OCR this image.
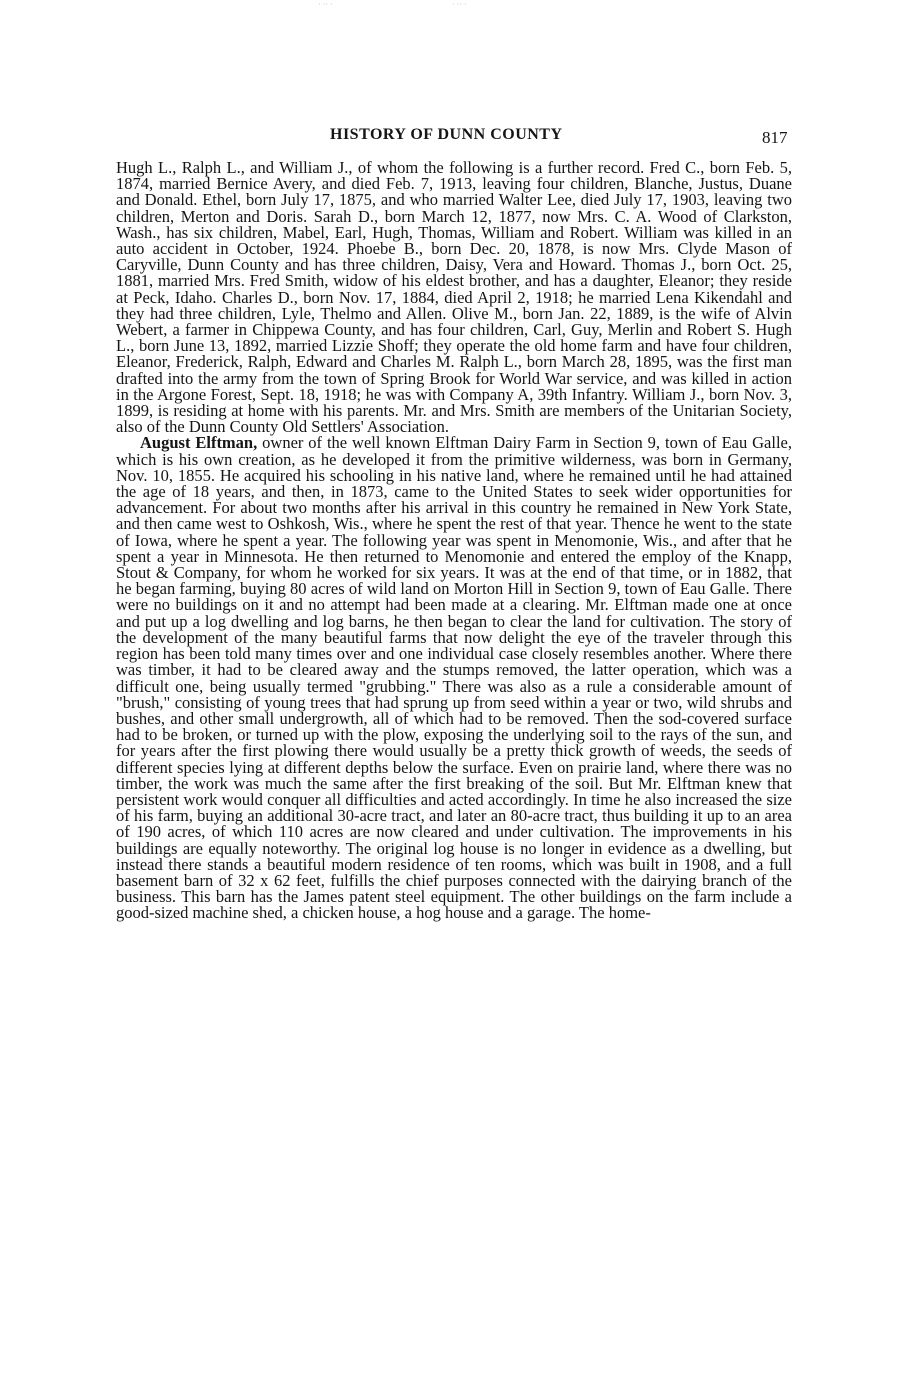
· ·· ·	· ·· ·
HISTORY OF DUNN COUNTY	817

Hugh L., Ralph L., and William J., of whom the following is a further record. Fred C., born Feb. 5, 1874, married Bernice Avery, and died Feb. 7, 1913, leaving four children, Blanche, Justus, Duane and Donald. Ethel, born July 17, 1875, and who married Walter Lee, died July 17, 1903, leaving two children, Merton and Doris. Sarah D., born March 12, 1877, now Mrs. C. A. Wood of Clarkston, Wash., has six children, Mabel, Earl, Hugh, Thomas, William and Robert. William was killed in an auto accident in October, 1924. Phoebe B., born Dec. 20, 1878, is now Mrs. Clyde Mason of Caryville, Dunn County and has three children, Daisy, Vera and Howard. Thomas J., born Oct. 25, 1881, married Mrs. Fred Smith, widow of his eldest brother, and has a daughter, Eleanor; they reside at Peck, Idaho. Charles D., born Nov. 17, 1884, died April 2, 1918; he married Lena Kikendahl and they had three children, Lyle, Thelmo and Allen. Olive M., born Jan. 22, 1889, is the wife of Alvin Webert, a farmer in Chippewa County, and has four children, Carl, Guy, Merlin and Robert S. Hugh L., born June 13, 1892, married Lizzie Shoff; they operate the old home farm and have four children, Eleanor, Frederick, Ralph, Edward and Charles M. Ralph L., born March 28, 1895, was the first man drafted into the army from the town of Spring Brook for World War service, and was killed in action in the Argone Forest, Sept. 18, 1918; he was with Company A, 39th Infantry. William J., born Nov. 3, 1899, is residing at home with his parents. Mr. and Mrs. Smith are members of the Unitarian Society, also of the Dunn County Old Settlers' Association.

August Elftman, owner of the well known Elftman Dairy Farm in Section 9, town of Eau Galle, which is his own creation, as he developed it from the primitive wilderness, was born in Germany, Nov. 10, 1855. He acquired his schooling in his native land, where he remained until he had attained the age of 18 years, and then, in 1873, came to the United States to seek wider opportunities for advancement. For about two months after his arrival in this country he remained in New York State, and then came west to Oshkosh, Wis., where he spent the rest of that year. Thence he went to the state of Iowa, where he spent a year. The following year was spent in Menomonie, Wis., and after that he spent a year in Minnesota. He then returned to Menomonie and entered the employ of the Knapp, Stout & Company, for whom he worked for six years. It was at the end of that time, or in 1882, that he began farming, buying 80 acres of wild land on Morton Hill in Section 9, town of Eau Galle. There were no buildings on it and no attempt had been made at a clearing. Mr. Elftman made one at once and put up a log dwelling and log barns, he then began to clear the land for cultivation. The story of the development of the many beautiful farms that now delight the eye of the traveler through this region has been told many times over and one individual case closely resembles another. Where there was timber, it had to be cleared away and the stumps removed, the latter operation, which was a difficult one, being usually termed "grubbing." There was also as a rule a considerable amount of "brush," consisting of young trees that had sprung up from seed within a year or two, wild shrubs and bushes, and other small undergrowth, all of which had to be removed. Then the sod-covered surface had to be broken, or turned up with the plow, exposing the underlying soil to the rays of the sun, and for years after the first plowing there would usually be a pretty thick growth of weeds, the seeds of different species lying at different depths below the surface. Even on prairie land, where there was no timber, the work was much the same after the first breaking of the soil. But Mr. Elftman knew that persistent work would conquer all difficulties and acted accordingly. In time he also increased the size of his farm, buying an additional 30-acre tract, and later an 80-acre tract, thus building it up to an area of 190 acres, of which 110 acres are now cleared and under cultivation. The improvements in his buildings are equally noteworthy. The original log house is no longer in evidence as a dwelling, but instead there stands a beautiful modern residence of ten rooms, which was built in 1908, and a full basement barn of 32 x 62 feet, fulfills the chief purposes connected with the dairying branch of the business. This barn has the James patent steel equipment. The other buildings on the farm include a good-sized machine shed, a chicken house, a hog house and a garage. The home-
